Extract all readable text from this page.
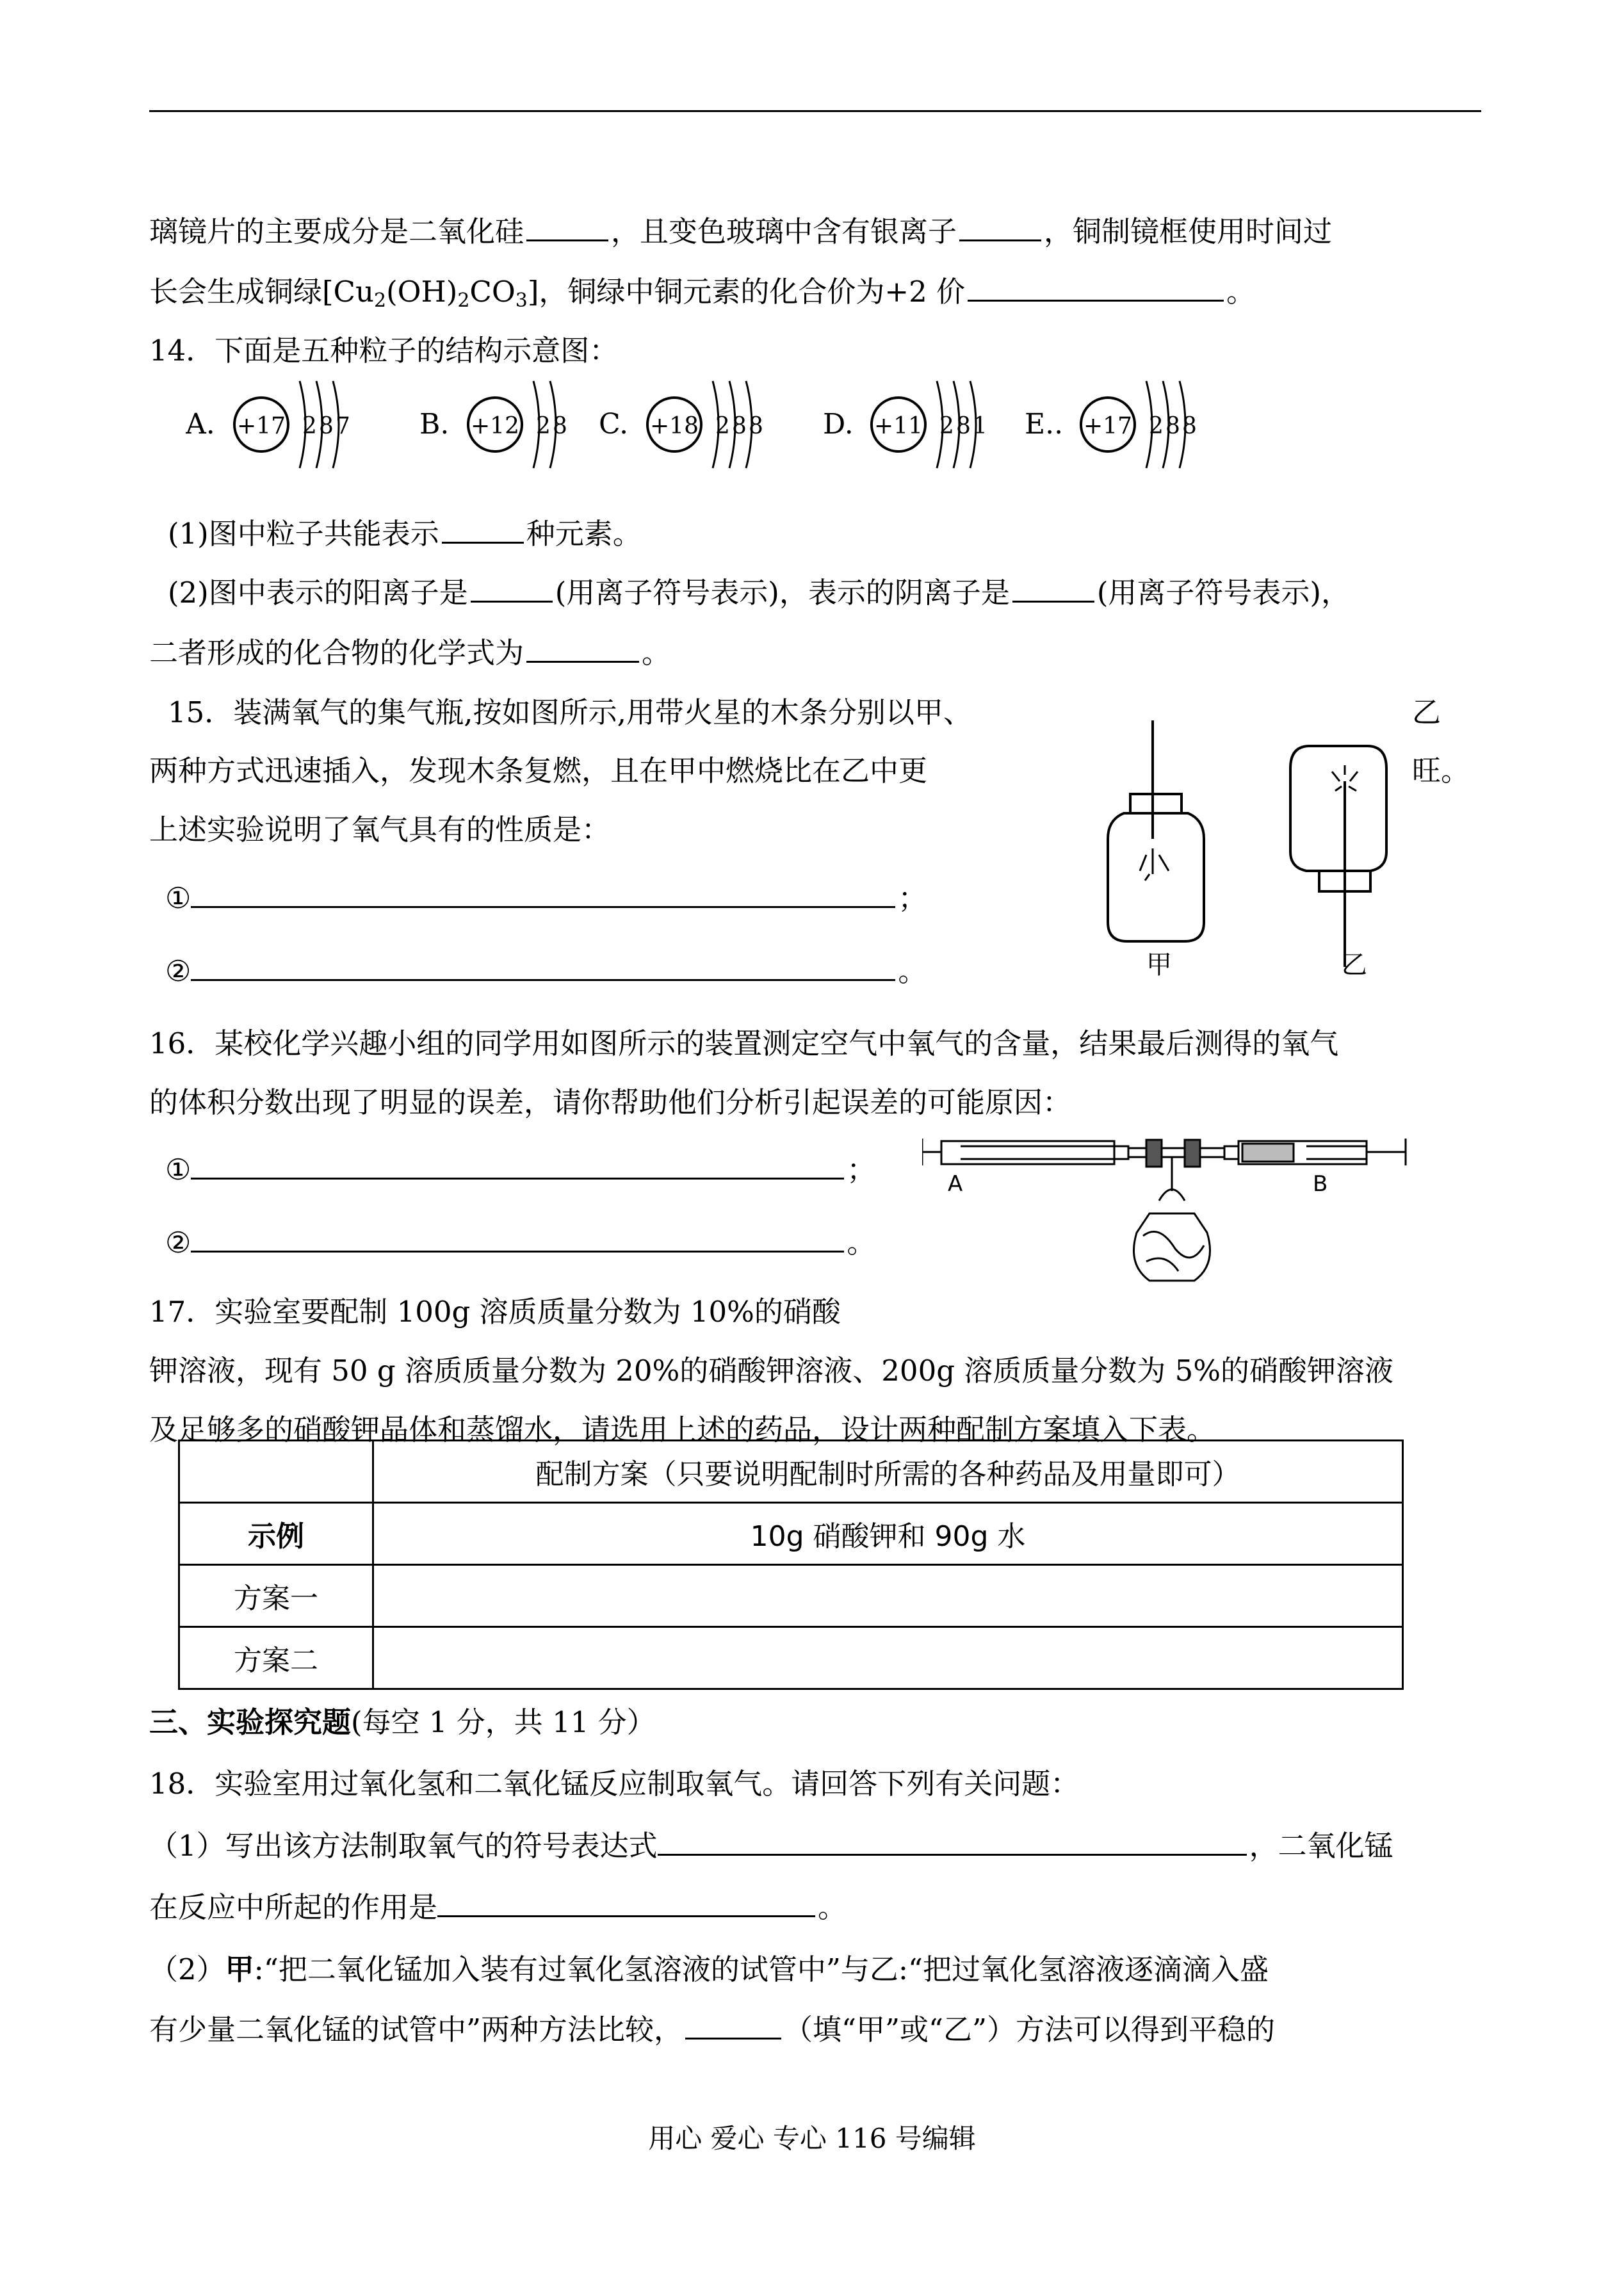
璃镜片的主要成分是二氧化硅	，且变色玻璃中含有银离子	，铜制镜框使用时间过
长会生成铜绿$[Cu_2(OH)_2CO_3]$，铜绿中铜元素的化合价为+2 价	。
14．下面是五种粒子的结构示意图：
A. +17 2 8 7 B. +12 2 8 C. +18 2 8 8 D. +11 2 8 1 E.. +17 2 8 8
(1)图中粒子共能表示	种元素。
(2)图中表示的阳离子是	(用离子符号表示)，表示的阴离子是	(用离子符号表示)，
二者形成的化合物的化学式为	。
15．装满氧气的集气瓶,按如图所示,用带火星的木条分别以甲、	乙
两种方式迅速插入，发现木条复燃，且在甲中燃烧比在乙中更	旺。
上述实验说明了氧气具有的性质是：
①	；
②	。	甲	乙
16．某校化学兴趣小组的同学用如图所示的装置测定空气中氧气的含量，结果最后测得的氧气
的体积分数出现了明显的误差，请你帮助他们分析引起误差的可能原因：
①	；
②	。
A	B
17．实验室要配制 100g 溶质质量分数为 10%的硝酸
钾溶液，现有 50 g 溶质质量分数为 20%的硝酸钾溶液、200g 溶质质量分数为 5%的硝酸钾溶液
及足够多的硝酸钾晶体和蒸馏水，请选用上述的药品，设计两种配制方案填入下表。
	配制方案（只要说明配制时所需的各种药品及用量即可）
示例	10g 硝酸钾和 90g 水
方案一	
方案二	
三、实验探究题(每空 1 分，共 11 分）
18．实验室用过氧化氢和二氧化锰反应制取氧气。请回答下列有关问题：
（1）写出该方法制取氧气的符号表达式	，二氧化锰
在反应中所起的作用是	。
（2）甲:“把二氧化锰加入装有过氧化氢溶液的试管中”与乙:“把过氧化氢溶液逐滴滴入盛
有少量二氧化锰的试管中”两种方法比较，	（填“甲”或“乙”）方法可以得到平稳的
用心 爱心 专心 116 号编辑
